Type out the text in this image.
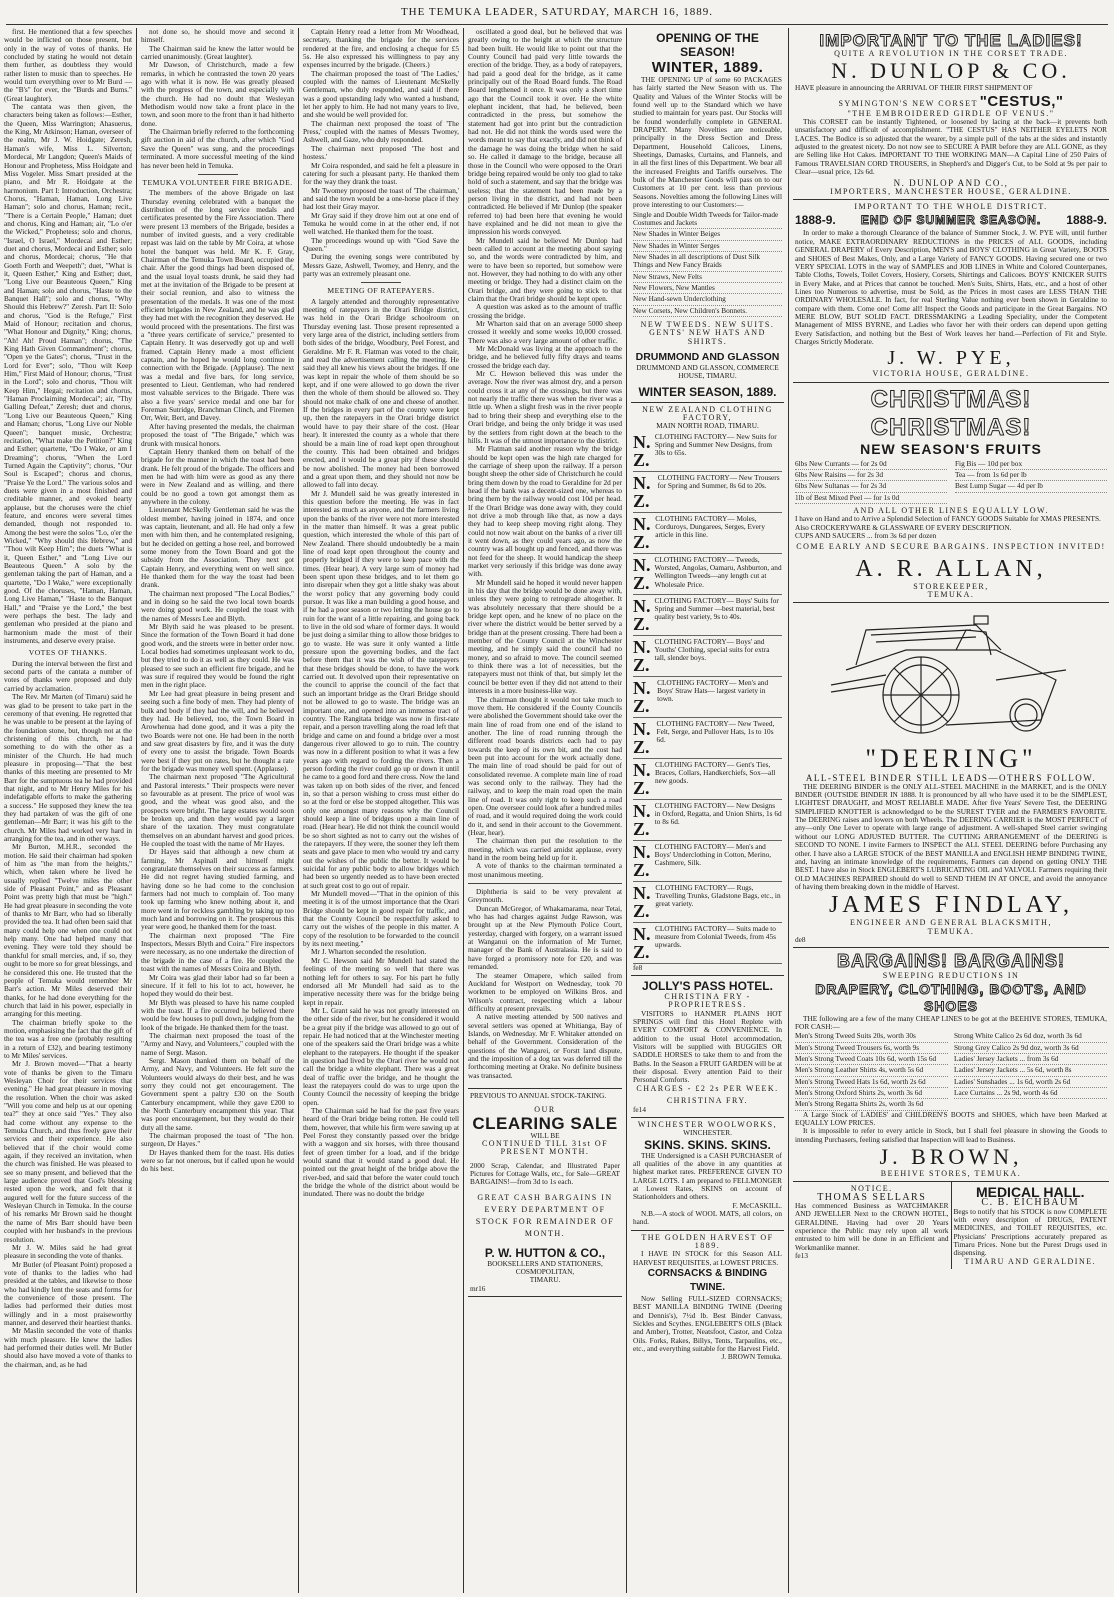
THE TEMUKA LEADER, SATURDAY, MARCH 16, 1889.

first. He mentioned that a few speeches would be inflicted on those present, but only in the way of votes of thanks. He concluded by stating he would not detain them further, as doubtless they would rather listen to music than to speeches. He would turn everything over to Mr Burd —the "B's" for ever, the "Burds and Bums." (Great laughter).

The cantata was then given, the characters being taken as follows:—Esther, the Queen, Miss Warrington; Ahasuerus, the King, Mr Atkinson; Haman, overseer of the realm, Mr J. W. Hoidgate; Zeresh, Haman's wife, Miss L. Silverton; Mordecai, Mr Langdon; Queen's Maids of Honour and Prophetess, Miss Hoidgate and Miss Vogeler. Miss Smart presided at the piano, and Mr R. Hoidgate at the harmonium. Part I: Introduction, Orchestra; Chorus, "Haman, Haman, Long Live Haman"; solo and chorus, Haman; recit., "There is a Certain People," Haman; duet and chorus, King and Haman; air, "Lo o'er the Wicked," Prophetess; solo and chorus, "Israel, O Israel," Mordecai and Esther; duet and chorus, Mordecai and Esther; solo and chorus, Mordecai; chorus, "He that Goeth Forth and Weepeth"; duet, "What is it, Queen Esther," King and Esther; duet, "Long Live our Beauteous Queen," King and Haman; solo and chorus, "Haste to the Banquet Hall"; solo and chorus, "Why Should this Hebrew?" Zeresh. Part II: Solo and chorus, "God is the Refuge," First Maid of Honour; recitation and chorus, "What Honour and Dignity," King; chorus, "Ah! Ah! Proud Haman"; chorus, "The King Hath Given Commandment"; chorus, "Open ye the Gates"; chorus, "Trust in the Lord for Ever"; solo, "Thou wilt Keep Him," First Maid of Honour; chorus, "Trust in the Lord"; solo and chorus, "Thou wilt Keep Him," Hegai; recitation and chorus, "Haman Proclaiming Mordecai"; air, "Thy Galling Defeat," Zeresh; duet and chorus, "Long Live our Beauteous Queen," King and Haman; chorus, "Long Live our Noble Queen"; banquet music, Orchestra; recitation, "What make the Petition?" King and Esther; quartette, "Do I Wake, or am I Dreaming"; chorus, "When the Lord Turned Again the Captivity"; chorus, "Our Soul is Escaped"; chorus and chorus, "Praise Ye the Lord." The various solos and duets were given in a most finished and creditable manner, and evoked hearty applause, but the choruses were the chief feature, and encores were several times demanded, though not responded to. Among the best were the solos "Lo, o'er the Wicked," "Why should this Hebrew," and "Thou wilt Keep Him"; the duets "What is it, Queen Esther," and "Long Live our Beauteous Queen." A solo by the gentleman taking the part of Haman, and a quartette, "Do I Wake," were exceptionally good. Of the choruses, "Haman, Haman, Long Live Haman," "Haste to the Banquet Hall," and "Praise ye the Lord," the best were perhaps the best. The lady and gentleman who presided at the piano and harmonium made the most of their instruments, and deserve every praise.

VOTES OF THANKS.

During the interval between the first and second parts of the cantata a number of votes of thanks were proposed and duly carried by acclamation.

The Rev. Mr Marten (of Timaru) said he was glad to be present to take part in the ceremony of that evening. He regretted that he was unable to be present at the laying of the foundation stone, but, though not at the christening of this church, he had something to do with the other as a minister of the Church. He had much pleasure in proposing—"That the best thanks of this meeting are presented to Mr Barr for the sumptuous tea he had provided that night, and to Mr Henry Miles for his indefatigable efforts to make the gathering a success." He supposed they knew the tea they had partaken of was the gift of one gentleman—Mr Barr; it was his gift to the church. Mr Miles had worked very hard in arranging for the tea, and in other ways.

Mr Burton, M.H.R., seconded the motion. He said their chairman had spoken of him as "the man from the heights," which, when taken where he lived he usually replied "Twelve miles the other side of Pleasant Point," and as Pleasant Point was pretty high that must be "high." He had great pleasure in seconding the vote of thanks to Mr Barr, who had so liberally provided the tea. It had often been said that many could help one when one could not help many. One had helped many that evening. They were told they should be thankful for small mercies, and, if so, they ought to be more so for great blessings, and he considered this one. He trusted that the people of Temuka would remember Mr Barr's action. Mr Miles deserved their thanks, for he had done everything for the church that laid in his power, especially in arranging for this meeting.

The chairman briefly spoke to the motion, emphasising the fact that the gift of the tea was a free one (probably resulting in a return of £32), and bearing testimony to Mr Miles' services.

Mr J. Brown moved—"That a hearty vote of thanks be given to the Timaru Wesleyan Choir for their services that evening." He had great pleasure in moving the resolution. When the choir was asked "Will you come and help us at our opening tea?" they at once said "Yes." They also had come without any expense to the Temuka Church, and thus freely gave their services and their experience. He also believed that if the choir would come again, if they received an invitation, when the church was finished. He was pleased to see so many present, and believed that the large audience proved that God's blessing rested upon the work, and felt that it augured well for the future success of the Wesleyan Church in Temuka. In the course of his remarks Mr Brown said he thought the name of Mrs Barr should have been coupled with her husband's in the previous resolution.

Mr J. W. Miles said he had great pleasure in seconding the vote of thanks.

Mr Butler (of Pleasant Point) proposed a vote of thanks to the ladies who had presided at the tables, and likewise to those who had kindly lent the seats and forms for the convenience of those present. The ladies had performed their duties most willingly and in a most praiseworthy manner, and deserved their heartiest thanks.

Mr Maslin seconded the vote of thanks with much pleasure. He knew the ladies had performed their duties well. Mr Butler should also have moved a vote of thanks to the chairman, and, as he had

not done so, he should move and second it himself.

The Chairman said he knew the latter would be carried unanimously. (Great laughter).

Mr Dawson, of Christchurch, made a few remarks, in which he contrasted the town 20 years ago with what it is now. He was greatly pleased with the progress of the town, and especially with the church. He had no doubt that Wesleyan Methodism would now take a front place in the town, and soon more to the front than it had hitherto done.

The Chairman briefly referred to the forthcoming gift auction in aid of the church, after which "God Save the Queen" was sung, and the proceedings terminated. A more successful meeting of the kind has never been held in Temuka.

TEMUKA VOLUNTEER FIRE BRIGADE.

The members of the above Brigade on last Thursday evening celebrated with a banquet the distribution of the long service medals and certificates presented by the Fire Association. There were present 13 members of the Brigade, besides a number of invited guests, and a very creditable repast was laid on the table by Mr Coira, at whose hotel the banquet was held. Mr K. F. Gray, Chairman of the Temuka Town Board, occupied the chair. After the good things had been disposed of, and the usual loyal toasts drunk, he said they had met at the invitation of the Brigade to be present at their social reunion, and also to witness the presentation of the medals. It was one of the most efficient brigades in New Zealand, and he was glad they had met with the recognition they deserved. He would proceed with the presentations. The first was a "three years certificate of service," presented to Captain Henry. It was deservedly got up and well framed. Captain Henry made a most efficient captain, and he hoped he would long continue in connection with the Brigade. (Applause). The next was a medal and five bars, for long service, presented to Lieut. Gentleman, who had rendered most valuable services to the Brigade. There was also a five years' service medal and one bar for Foreman Sutridge, Branchman Clinch, and Firemen Orr, Weir, Bert, and Davey.

After having presented the medals, the chairman proposed the toast of "The Brigade," which was drunk with musical honors.

Captain Henry thanked them on behalf of the brigade for the manner in which the toast had been drank. He felt proud of the brigade. The officers and men he had with him were as good as any there were in New Zealand and as willing, and there could be no good a town got amongst them as anywhere in the colony.

Lieutenant McSkelly Gentleman said he was the oldest member, having joined in 1874, and once was captain, lieutenant, and all. He had only a few men with him then, and he contemplated resigning, but he decided on getting a hose reel, and borrowed some money from the Town Board and got the subsidy from the Association. They next got Captain Henry, and everything went on well since. He thanked them for the way the toast had been drank.

The chairman next proposed "The Local Bodies," and in doing so he said the two local town boards were doing good work. He coupled the toast with the names of Messrs Lee and Blyth.

Mr Blyth said he was pleased to be present. Since the formation of the Town Board it had done good work, and the streets were in better order now. Local bodies had sometimes unpleasant work to do, but they tried to do it as well as they could. He was pleased to see such an efficient fire brigade, and he was sure if required they would be found the right men in the right place.

Mr Lee had great pleasure in being present and seeing such a fine body of men. They had plenty of bulk and body if they had the will, and he believed they had. He believed, too, the Town Board in Arowhenua had done good, and it was a pity the two Boards were not one. He had been in the north and saw great disasters by fire, and it was the duty of every one to assist the brigade. Town Boards were best if they put on rates, but he thought a rate for the brigade was money well spent. (Applause).

The chairman next proposed "The Agricultural and Pastoral interests." Their prospects were never so favourable as at present. The price of wool was good, and the wheat was good also, and the prospects were bright. The large estates would soon be broken up, and then they would pay a larger share of the taxation. They must congratulate themselves on an abundant harvest and good prices. He coupled the toast with the name of Mr Hayes.

Dr Hayes said that although a new chum at farming, Mr Aspinall and himself might congratulate themselves on their success as farmers. He did not regret having studied farming, and having done so he had come to the conclusion farmers had not much to complain of. Too many took up farming who knew nothing about it, and more went in for reckless gambling by taking up too much land and borrowing on it. The prosperous this year were good, he thanked them for the toast.

The chairman next proposed "The Fire Inspectors, Messrs Blyth and Coira." Fire inspectors were necessary, as no one undertake the direction of the brigade in the case of a fire. He coupled the toast with the names of Messrs Coira and Blyth.

Mr Coira was glad their labor had so far been a sinecure. If it fell to his lot to act, however, he hoped they would do their best.

Mr Blyth was pleased to have his name coupled with the toast. If a fire occurred he believed there would be few houses to pull down, judging from the look of the brigade. He thanked them for the toast.

The chairman next proposed the toast of the "Army and Navy, and Volunteers," coupled with the name of Sergt. Mason.

Sergt. Mason thanked them on behalf of the Army, and Navy, and Volunteers. He felt sure the Volunteers would always do their best, and he was sorry they could not get encouragement. The Government spent a paltry £30 on the South Canterbury encampment, while they gave £200 to the North Canterbury encampment this year. That was poor encouragement, but they would do their duty all the same.

The chairman proposed the toast of "The hon. surgeon, Dr Hayes."

Dr Hayes thanked them for the toast. His duties were so far not onerous, but if called upon he would do his best.

Captain Henry read a letter from Mr Woodhead, secretary, thanking the brigade for the services rendered at the fire, and enclosing a cheque for £5 5s. He also expressed his willingness to pay any expenses incurred by the brigade. (Cheers.)

The chairman proposed the toast of 'The Ladies,' coupled with the names of Lieutenant McSkelly Gentleman, who duly responded, and said if there was a good upstanding lady who wanted a husband, let her apply to him. He had not many years to live, and she would be well provided for.

The chairman next proposed the toast of 'The Press,' coupled with the names of Messrs Twomey, Ashwell, and Gaze, who duly responded.

The chairman next proposed 'The host and hostess.'

Mr Coira responded, and said he felt a pleasure in catering for such a pleasant party. He thanked them for the way they drank the toast.

Mr Twomey proposed the toast of 'The chairman,' and said the town would be a one-horse place if they had lost their Gray mayor.

Mr Gray said if they drove him out at one end of Temuka he would come in at the other end, if not well watched. He thanked them for the toast.

The proceedings wound up with "God Save the Queen."

During the evening songs were contributed by Messrs Gaze, Ashwell, Twomey, and Henry, and the party was an extremely pleasant one.

MEETING OF RATEPAYERS.

A largely attended and thoroughly representative meeting of ratepayers in the Orari Bridge district, was held in the Orari Bridge schoolroom on Thursday evening last. Those present represented a very large area of the district, including settlers from both sides of the bridge, Woodbury, Peel Forest, and Geraldine. Mr F. R. Flatman was voted to the chair, and read the advertisement calling the meeting. He said they all knew his views about the bridges. If one was kept in repair the whole of them should be so kept, and if one were allowed to go down the river then the whole of them should be allowed so. They should not make chalk of one and cheese of another. If the bridges in every part of the county were kept up, then the ratepayers in the Orari bridge district would have to pay their share of the cost. (Hear hear). It interested the county as a whole that there should be a main line of road kept open throughout the county. This had been obtained and bridges erected, and it would be a great pity if these should be now abolished. The money had been borrowed and a great upon them, and they should not now be allowed to fall into decay.

Mr J. Mundell said he was greatly interested in this question before the meeting. He was in fact interested as much as anyone, and the farmers living upon the banks of the river were not more interested in the matter than himself. It was a great public question, which interested the whole of this part of New Zealand. There should undoubtedly be a main line of road kept open throughout the county and properly bridged if they were to keep pace with the times. (Hear hear). A very large sum of money had been spent upon these bridges, and to let them go into disrepair when they got a little shaky was about the worst policy that any governing body could pursue. It was like a man building a good house, and if he had a poor season or two letting the house go to ruin for the want of a little repairing, and going back to live in the old sod whare of former days. It would be just doing a similar thing to allow those bridges to go to waste. He was sure it only wanted a little pressure upon the governing bodies, and the fact before them that it was the wish of the ratepayers that these bridges should be done, to have the work carried out. It devolved upon their representative on the council to apprise the council of the fact that such an important bridge as the Orari Bridge should not be allowed to go to waste. The bridge was an important one, and opened into an immense tract of country. The Rangitata bridge was now in first-rate repair, and a person travelling along the road left that bridge and came on and found a bridge over a most dangerous river allowed to go to ruin. The country was now in a different position to what it was a few years ago with regard to fording the rivers. Then a person fording the river could go up or down it until he came to a good ford and there cross. Now the land was taken up on both sides of the river, and fenced in, so that a person wishing to cross must either do so at the ford or else be stopped altogether. This was only one amongst many reasons why the Council should keep a line of bridges upon a main line of road. (Hear hear). He did not think the council would be so short sighted as not to carry out the wishes of the ratepayers. If they were, the sooner they left them seats and gave place to men who would try and carry out the wishes of the public the better. It would be suicidal for any public body to allow bridges which had been so urgently needed as to have been erected at such great cost to go out of repair.

Mr Mundell moved—"That in the opinion of this meeting it is of the utmost importance that the Orari Bridge should be kept in good repair for traffic, and that the County Council be respectfully asked to carry out the wishes of the people in this matter. A copy of the resolution to be forwarded to the council by its next meeting."

Mr J. Wharton seconded the resolution.

Mr C. Hewson said Mr Mundell had stated the feelings of the meeting so well that there was nothing left for others to say. For his part he fully endorsed all Mr Mundell had said as to the imperative necessity there was for the bridge being kept in repair.

Mr L. Grant said he was not greatly interested on the other side of the river, but he considered it would be a great pity if the bridge was allowed to go out of repair. He had noticed that at the Winchester meeting one of the speakers said the Orari bridge was a white elephant to the ratepayers. He thought if the speaker in question had lived by the Orari river he would not call the bridge a white elephant. There was a great deal of traffic over the bridge, and he thought the least the ratepayers could do was to urge upon the County Council the necessity of keeping the bridge open.

The Chairman said he had for the past five years heard of the Orari bridge being rotten. He could tell them, however, that while his firm were sawing up at Peel Forest they constantly passed over the bridge with a waggon and six horses, with three thousand feet of green timber for a load, and if the bridge would stand that it would stand a good deal. He pointed out the great height of the bridge above the river-bed, and said that before the water could touch the bridge the whole of the district about would be inundated. There was no doubt the bridge

oscillated a good deal, but he believed that was greatly owing to the height at which the structure had been built. He would like to point out that the County Council had paid very little towards the erection of the bridge. They, as a body of ratepayers, had paid a good deal for the bridge, as it came principally out of the Road Board funds. The Road Board lengthened it once. It was only a short time ago that the Council took it over. He the white elephant incident, that had, he believed, been contradicted in the press, but somehow the statement had got into print but the contradiction had not. He did not think the words used were the words meant to say that exactly, and did not think of the damage he was doing the bridge when he said so. He called it damage to the bridge, because all those in the Council who were opposed to the Orari bridge being repaired would be only too glad to take hold of such a statement, and say that the bridge was useless; that the statement had been made by a person living in the district, and had not been contradicted. He believed if Mr Dunlop (the speaker referred to) had been here that evening he would have explained and he did not mean to give the impression his words conveyed.

Mr Mundell said he believed Mr Dunlop had been called to account at the meeting about saying so, and the words were contradicted by him, and were to have been so reported, but somehow were not. However, they had nothing to do with any other meeting or bridge. They had a distinct claim on the Orari bridge, and they were going to stick to that claim that the Orari bridge should be kept open.

A question was asked as to the amount of traffic crossing the bridge.

Mr Wharton said that on an average 5000 sheep crossed it weekly and some weeks 10,000 crossed. There was also a very large amount of other traffic.

Mr McDonald was living at the approach to the bridge, and he believed fully fifty drays and teams crossed the bridge each day.

Mr C. Hewson believed this was under the average. Now the river was almost dry, and a person could cross it at any of the crossings, but there was not nearly the traffic there was when the river was a little up. When a slight fresh was in the river people had to bring their sheep and everything else to the Orari bridge, and being the only bridge it was used by the settlers from right down at the beach to the hills. It was of the utmost importance to the district.

Mr Flatman said another reason why the bridge should be kept open was the high rate charged for the carriage of sheep upon the railway. If a person bought sheep the other side of Christchurch he could bring them down by the road to Geraldine for 2d per head if the bank was a decent-sized one, whereas to bring them by the railway would cost 10d per head. If the Orari Bridge was done away with, they could not drive a mob through like that, as now a days they had to keep sheep moving right along. They could not now wait about on the banks of a river till it went down, as they could years ago, as now the country was all bought up and fenced, and there was not feed for the sheep. It would handicap the sheep market very seriously if this bridge was done away with.

Mr Mundell said he hoped it would never happen in his day that the bridge would be done away with, unless they were going to retrograde altogether. It was absolutely necessary that there should be a bridge kept open, and he knew of no place on the river where the district would be better served by a bridge than at the present crossing. There had been a member of the County Council at the Winchester meeting, and he simply said the council had no money, and so afraid to move. The council seemed to think there was a lot of necessities, but the ratepayers must not think of that, but simply let the council be better even if they did not attend to their interests in a more business-like way.

The chairman thought it would not take much to move them. He considered if the County Councils were abolished the Government should take over the main line of road from one end of the island to another. The line of road running through the different road boards districts each had to pay towards the keep of its own bit, and the cost had been put into account for the work actually done. The main line of road should be paid for out of consolidated revenue. A complete main line of road was second only to the railway. They had the railway, and to keep the main road open the main line of road. It was only right to keep such a road open. One overseer could look after a hundred miles of road, and it would required doing the work could do it, and send in their account to the Government. (Hear, hear).

The chairman then put the resolution to the meeting, which was carried amidst applause, every hand in the room being held up for it.

A vote of thanks to the chairman terminated a most unanimous meeting.

Diphtheria is said to be very prevalent at Greymouth.

Duncan McGregor, of Whakamarama, near Tetai, who has had charges against Judge Rawson, was brought up at the New Plymouth Police Court, yesterday, charged with forgery, on a warrant issued at Wanganui on the information of Mr Turner, manager of the Bank of Australasia. He is said to have forged a promissory note for £20, and was remanded.

The steamer Omapere, which sailed from Auckland for Westport on Wednesday, took 70 workmen to be employed on Wilkins Bros. and Wilson's contract, respecting which a labour difficulty at present prevails.

A native meeting attended by 500 natives and several settlers was opened at Whitianga, Bay of Islands, on Wednesday. Mr F. Whitaker attended on behalf of the Government. Consideration of the questions of the Wangarei, or Forstt land dispute, and the imposition of a dog tax was deferred till the forthcoming meeting at Orake. No definite business was transacted.

PREVIOUS TO ANNUAL STOCK-TAKING.

OUR
CLEARING SALE
WILL BE
CONTINUED TILL 31st OF PRESENT MONTH.

2000 Scrap, Calendar, and Illustrated Paper Pictures for Cottage Walls, etc., for Sale—GREAT BARGAINS!—from 3d to 1s each.

GREAT CASH BARGAINS IN EVERY DEPARTMENT OF STOCK FOR REMAINDER OF MONTH.
P. W. HUTTON & CO.,
BOOKSELLERS AND STATIONERS, COSMOPOLITAN,
TIMARU.
mr16
OPENING OF THE SEASON!
WINTER, 1889.

THE OPENING UP of some 60 PACKAGES has fairly started the New Season with us. The Quality and Values of the Winter Stocks will be found well up to the Standard which we have studied to maintain for years past. Our Stocks will be found wonderfully complete in GENERAL DRAPERY. Many Novelties are noticeable, principally in the Dress Section and Dress Department, Household Calicoes, Linens, Sheetings, Damasks, Curtains, and Flannels, and in all the first lines of this Department. We bear all the increased Freights and Tariffs ourselves. The bulk of the Manchester Goods will pass on to our Customers at 10 per cent. less than previous Seasons. Novelties among the following Lines will prove interesting to our Customers:—

Single and Double Width Tweeds for Tailor-made Costumes and Jackets
New Shades in Winter Beiges
New Shades in Winter Serges
New Shades in all descriptions of Dust Silk Things and New Fancy Braids
New Straws, New Felts
New Flowers, New Mantles
New Hand-sewn Underclothing
New Corsets, New Children's Bonnets.
NEW TWEEDS. NEW SUITS. GENTS' NEW HATS AND SHIRTS.
DRUMMOND AND GLASSON
DRUMMOND AND GLASSON, COMMERCE HOUSE, TIMARU.
WINTER SEASON, 1889.
NEW ZEALAND CLOTHING FACTORY,
MAIN NORTH ROAD, TIMARU.
N. Z.
CLOTHING FACTORY— New Suits for Spring and Summer New Designs, from 30s to 65s.
N. Z.
CLOTHING FACTORY— New Trousers for Spring and Summer, 8s 6d to 20s.
N. Z.
CLOTHING FACTORY— Moles, Corduroys, Dungarees, Serges, Every article in this line.
N. Z.
CLOTHING FACTORY— Tweeds, Worsted, Angolas, Oamaru, Ashburton, and Wellington Tweeds—any length cut at Wholesale Price.
N. Z.
CLOTHING FACTORY— Boys' Suits for Spring and Summer —best material, best quality best variety, 9s to 40s.
N. Z.
CLOTHING FACTORY— Boys' and Youths' Clothing, special suits for extra tall, slender boys.
N. Z.
CLOTHING FACTORY— Men's and Boys' Straw Hats— largest variety in town.
N. Z.
CLOTHING FACTORY— New Tweed, Felt, Serge, and Pullover Hats, 1s to 10s 6d.
N. Z.
CLOTHING FACTORY— Gent's Ties, Braces, Collars, Handkerchiefs, Sox—all new goods.
N. Z.
CLOTHING FACTORY— New Designs in Oxford, Regatta, and Union Shirts, 1s 6d to 8s 6d.
N. Z.
CLOTHING FACTORY— Men's and Boys' Underclothing in Cotton, Merino, Cashmere, Silk.
N. Z.
CLOTHING FACTORY— Rugs, Travelling Trunks, Gladstone Bags, etc., in great variety.
N. Z.
CLOTHING FACTORY— Suits made to measure from Colonial Tweeds, from 45s upwards.
fe8
JOLLY'S PASS HOTEL.
CHRISTINA FRY - PROPRIETRESS.

VISITORS to HANMER PLAINS HOT SPRINGS will find this Hotel Replete with EVERY COMFORT & CONVENIENCE. In addition to the usual Hotel accommodation, Visitors will be supplied with BUGGIES OR SADDLE HORSES to take them to and from the Baths. In the Season a FRUIT GARDEN will be at their disposal. Every attention Paid to their Personal Comforts.

CHARGES - £2 2s PER WEEK.
CHRISTINA FRY.
fe14
WINCHESTER WOOLWORKS,
WINCHESTER.
SKINS. SKINS. SKINS.

THE Undersigned is a CASH PURCHASER of all qualities of the above in any quantities at highest market rates. PREFERENCE GIVEN TO LARGE LOTS. I am prepared to FELLMONGER at Lowest Rates, SKINS on account of Stationholders and others.

F. McCASKILL.

N.B.—A stock of WOOL MATS, all colors, on hand.

THE GOLDEN HARVEST OF 1889.

I HAVE IN STOCK for this Season ALL HARVEST REQUISITES, at LOWEST PRICES.

CORNSACKS & BINDING TWINE.

Now Selling FULL-SIZED CORNSACKS; BEST MANILLA BINDING TWINE (Deering and Dennis's), 7½d lb. Best Binder Canvass, Sickles and Scythes. ENGLEBERT'S OILS (Black and Amber), Trotter, Neatsfoot, Castor, and Colza Oils. Forks, Rakes, Billys, Tents, Tarpaulins, etc., etc., and everything suitable for the Harvest Field.

J. BROWN Temuka.
IMPORTANT TO THE LADIES!
QUITE A REVOLUTION IN THE CORSET TRADE.
N. DUNLOP & CO.

HAVE pleasure in announcing the ARRIVAL OF THEIR FIRST SHIPMENT OF

SYMINGTON'S NEW CORSET "CESTUS,"
"THE EMBROIDERED GIRDLE OF VENUS."

This CORSET can be instantly Tightened, or loosened by lacing at the back—it prevents both unsatisfactory and difficult of accomplishment. "THE CESTUS" HAS NEITHER EYELETS NOR LACES. The Bodice is so adjusted that the wearer, by a simple pull of the tabs at the sides and instantly adjusted to the greatest nicety. Do not now see to SECURE A PAIR before they are ALL GONE, as they are Selling like Hot Cakes. IMPORTANT TO THE WORKING MAN—A Capital Line of 250 Pairs of Famous TRAVELSIAN CORD TROUSERS, in Shepherd's and Digger's Cut, to be Sold at 9s per pair to Clear—usual price, 12s 6d.

N. DUNLOP AND CO.,
IMPORTERS, MANCHESTER HOUSE, GERALDINE.
IMPORTANT TO THE WHOLE DISTRICT.
1888-9. END OF SUMMER SEASON. 1888-9.

In order to make a thorough Clearance of the balance of Summer Stock, J. W. PYE will, until further notice, MAKE EXTRAORDINARY REDUCTIONS in the PRICES of ALL GOODS, including GENERAL DRAPERY of Every Description, MEN'S and BOYS' CLOTHING in Great Variety, BOOTS and SHOES of Best Makes, Only, and a Large Variety of FANCY GOODS. Having secured one or two VERY SPECIAL LOTS in the way of SAMPLES and JOB LINES in White and Colored Counterpanes, Table Cloths, Towels, Toilet Covers, Hosiery, Corsets, Shirtings and Calicoes. BOYS' KNICKER SUITS in Every Make, and at Prices that cannot be touched. Men's Suits, Shirts, Hats, etc., and a host of other Lines too Numerous to advertise, must be Sold, as the Prices in most cases are LESS THAN THE ORDINARY WHOLESALE. In fact, for real Sterling Value nothing ever been shown in Geraldine to compare with them. Come one! Come all! Inspect the Goods and participate in the Great Bargains. NO MERE BLOW, BUT SOLID FACT. DRESSMAKING a Leading Speciality, under the Competent Management of MISS BYRNE, and Ladies who favor her with their orders can depend upon getting Every Satisfaction, and nothing but the Best of Work leaves her hand.—Perfection of Fit and Style. Charges Strictly Moderate.

J. W. PYE,
VICTORIA HOUSE, GERALDINE.
CHRISTMAS! CHRISTMAS!
NEW SEASON'S FRUITS
6lbs New Currants — for 2s 0d
6lbs New Raisins — for 2s 3d
6lbs New Sultanas — for 2s 3d
1lb of Best Mixed Peel — for 1s 0d
Fig Bis — 10d per box
Tea — from 1s 6d per lb
Best Lump Sugar — 4d per lb
AND ALL OTHER LINES EQUALLY LOW.

I have on Hand and to Arrive a Splendid Selection of FANCY GOODS Suitable for XMAS PRESENTS.

Also CROCKERYWARE & GLASSWARE OF EVERY DESCRIPTION.

CUPS AND SAUCERS ... from 3s 6d per dozen

COME EARLY AND SECURE BARGAINS. INSPECTION INVITED!
A. R. ALLAN,
STOREKEEPER,
TEMUKA.
"DEERING"
ALL-STEEL BINDER STILL LEADS—OTHERS FOLLOW.

THE DEERING BINDER is the ONLY ALL-STEEL MACHINE in the MARKET, and is the ONLY BINDER (OUTSIDE BINDER IN 1888. It is pronounced by all who have used it to be the SIMPLEST, LIGHTEST DRAUGHT, and MOST RELIABLE MADE. After five Years' Severe Test, the DEERING SIMPLIFIED KNOTTER is acknowledged to be the SUREST TYER and the FARMER'S FAVORITE. The DEERING raises and lowers on both Wheels. The DEERING CARRIER is the MOST PERFECT of any—only One Lever to operate with large range of adjustment. A well-shaped Steel carrier swinging without our LONG ADJUSTED BUTTER. The CUTTING ARRANGEMENT of the DEERING is SECOND TO NONE. I invite Farmers to INSPECT the ALL STEEL DEERING before Purchasing any other. I have also a LARGE STOCK of the BEST MANILLA and ENGLISH HEMP BINDING TWINE, and, having an intimate knowledge of the requirements, Farmers can depend on getting ONLY THE BEST. I have also in Stock ENGLEBERT'S LUBRICATING OIL and VALVOLI. Farmers requiring their OLD MACHINES REPAIRED should do well to SEND THEM IN AT ONCE, and avoid the annoyance of having them breaking down in the middle of Harvest.

JAMES FINDLAY,
ENGINEER AND GENERAL BLACKSMITH,
TEMUKA.
de8
BARGAINS! BARGAINS!
SWEEPING REDUCTIONS IN
DRAPERY, CLOTHING, BOOTS, AND SHOES

THE following are a few of the many CHEAP LINES to be got at the BEEHIVE STORES, TEMUKA, FOR CASH:—

Men's Strong Tweed Suits 20s, worth 30s
Men's Strong Tweed Trousers 6s, worth 9s
Men's Strong Tweed Coats 10s 6d, worth 15s 6d
Men's Strong Leather Shirts 4s, worth 5s 6d
Men's Strong Tweed Hats 1s 6d, worth 2s 6d
Men's Strong Oxford Shirts 2s, worth 3s 6d
Men's Strong Regatta Shirts 2s, worth 3s 6d
Strong White Calico 2s 6d doz, worth 3s 6d
Strong Grey Calico 2s 9d doz, worth 3s 6d
Ladies' Jersey Jackets ... from 3s 6d
Ladies' Jersey Jackets ... 5s 6d, worth 8s
Ladies' Sunshades ... 1s 6d, worth 2s 6d
Lace Curtains ... 2s 9d, worth 4s 6d

A Large Stock of LADIES' and CHILDREN'S BOOTS and SHOES, which have been Marked at EQUALLY LOW PRICES.

It is impossible to refer to every article in Stock, but I shall feel pleasure in showing the Goods to intending Purchasers, feeling satisfied that Inspection will lead to Business.

J. BROWN,
BEEHIVE STORES, TEMUKA.
NOTICE.
THOMAS SELLARS

Has commenced Business as WATCHMAKER AND JEWELLER Next to the CROWN HOTEL, GERALDINE. Having had over 20 Years experience the Public may rely upon all work entrusted to him will be done in an Efficient and Workmanlike manner.

fe13
MEDICAL HALL.
C. B. EICHBAUM

Begs to notify that his STOCK is now COMPLETE with every description of DRUGS, PATENT MEDICINES, and TOILET REQUISITES, etc. Physicians' Prescriptions accurately prepared as Timaru Prices. None but the Purest Drugs used in dispensing.

TIMARU AND GERALDINE.
